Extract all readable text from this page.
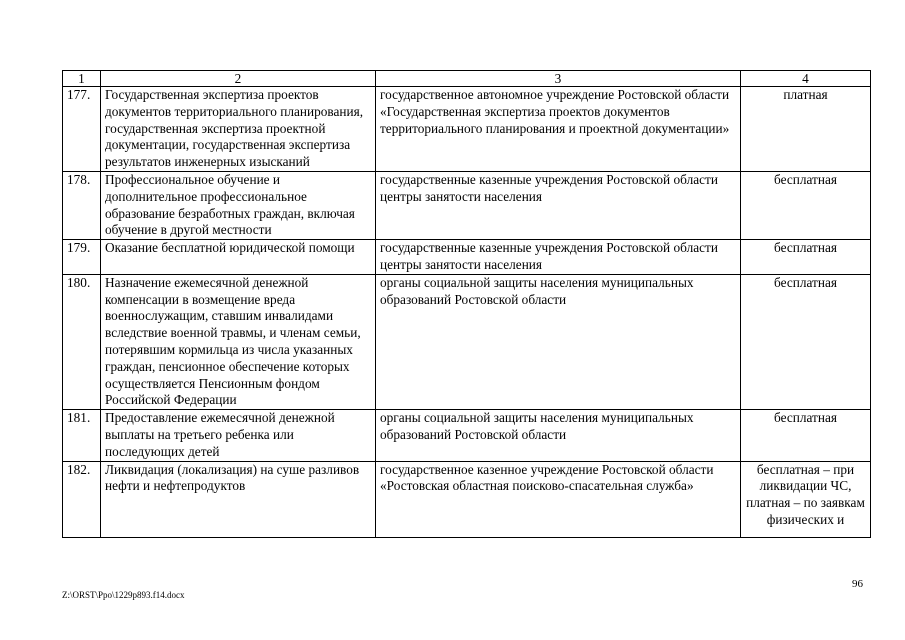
1	2	3	4
177.	Государственная экспертиза проектов документов территориального планирования, государственная экспертиза проектной документации, государственная экспертиза результатов инженерных изысканий	государственное автономное учреждение Ростовской области «Государственная экспертиза проектов документов территориального планирования и проектной документации»	платная
178.	Профессиональное обучение и дополнительное профессиональное образование безработных граждан, включая обучение в другой местности	государственные казенные учреждения Ростовской области центры занятости населения	бесплатная
179.	Оказание бесплатной юридической помощи	государственные казенные учреждения Ростовской области центры занятости населения	бесплатная
180.	Назначение ежемесячной денежной компенсации в возмещение вреда военнослужащим, ставшим инвалидами вследствие военной травмы, и членам семьи, потерявшим кормильца из числа указанных граждан, пенсионное обеспечение которых осуществляется Пенсионным фондом Российской Федерации	органы социальной защиты населения муниципальных образований Ростовской области	бесплатная
181.	Предоставление ежемесячной денежной выплаты на третьего ребенка или последующих детей	органы социальной защиты населения муниципальных образований Ростовской области	бесплатная

182.	Ликвидация (локализация) на суше разливов нефти и нефтепродуктов	государственное казенное учреждение Ростовской области «Ростовская областная поисково-спасательная служба»	бесплатная – при ликвидации ЧС, платная – по заявкам физических и
96
Z:\ORST\Ppo\1229p893.f14.docx
